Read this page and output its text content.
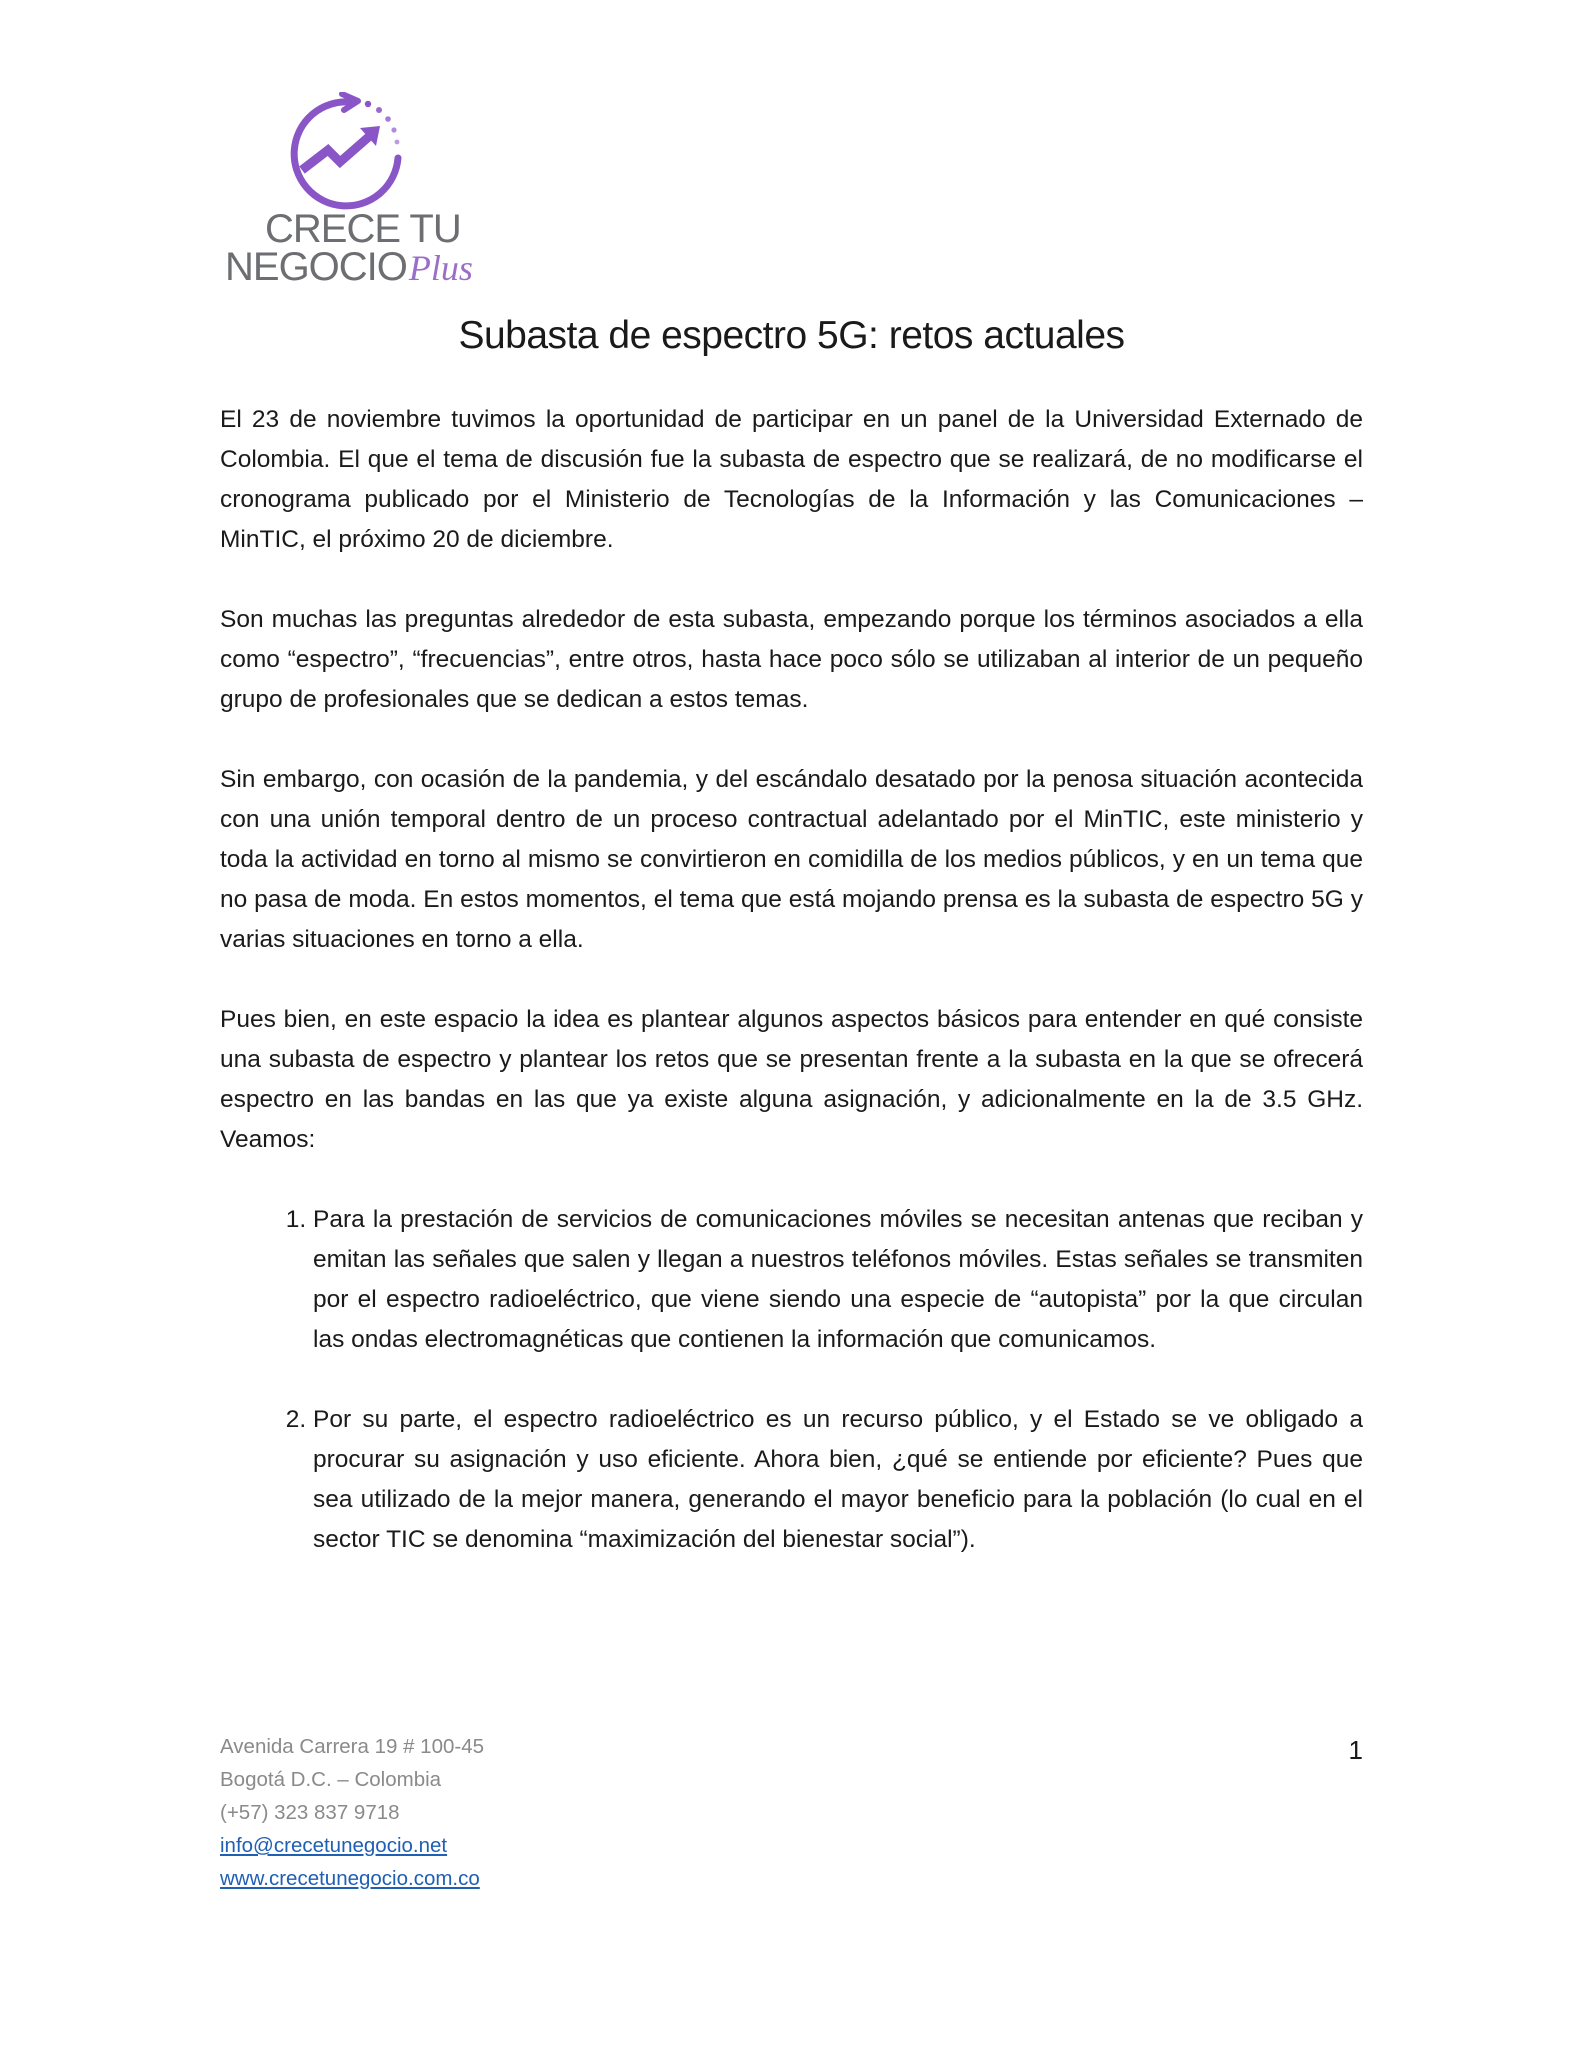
CRECE TU
NEGOCIOPlus
Subasta de espectro 5G: retos actuales

El 23 de noviembre tuvimos la oportunidad de participar en un panel de la Universidad Externado de Colombia. El que el tema de discusión fue la subasta de espectro que se realizará, de no modificarse el cronograma publicado por el Ministerio de Tecnologías de la Información y las Comunicaciones – MinTIC, el próximo 20 de diciembre.

Son muchas las preguntas alrededor de esta subasta, empezando porque los términos asociados a ella como “espectro”, “frecuencias”, entre otros, hasta hace poco sólo se utilizaban al interior de un pequeño grupo de profesionales que se dedican a estos temas.

Sin embargo, con ocasión de la pandemia, y del escándalo desatado por la penosa situación acontecida con una unión temporal dentro de un proceso contractual adelantado por el MinTIC, este ministerio y toda la actividad en torno al mismo se convirtieron en comidilla de los medios públicos, y en un tema que no pasa de moda. En estos momentos, el tema que está mojando prensa es la subasta de espectro 5G y varias situaciones en torno a ella.

Pues bien, en este espacio la idea es plantear algunos aspectos básicos para entender en qué consiste una subasta de espectro y plantear los retos que se presentan frente a la subasta en la que se ofrecerá espectro en las bandas en las que ya existe alguna asignación, y adicionalmente en la de 3.5 GHz. Veamos:

1. Para la prestación de servicios de comunicaciones móviles se necesitan antenas que reciban y emitan las señales que salen y llegan a nuestros teléfonos móviles. Estas señales se transmiten por el espectro radioeléctrico, que viene siendo una especie de “autopista” por la que circulan las ondas electromagnéticas que contienen la información que comunicamos.
2. Por su parte, el espectro radioeléctrico es un recurso público, y el Estado se ve obligado a procurar su asignación y uso eficiente. Ahora bien, ¿qué se entiende por eficiente? Pues que sea utilizado de la mejor manera, generando el mayor beneficio para la población (lo cual en el sector TIC se denomina “maximización del bienestar social”).
Avenida Carrera 19 # 100-45
Bogotá D.C. – Colombia
(+57) 323 837 9718
info@crecetunegocio.net
www.crecetunegocio.com.co
1
